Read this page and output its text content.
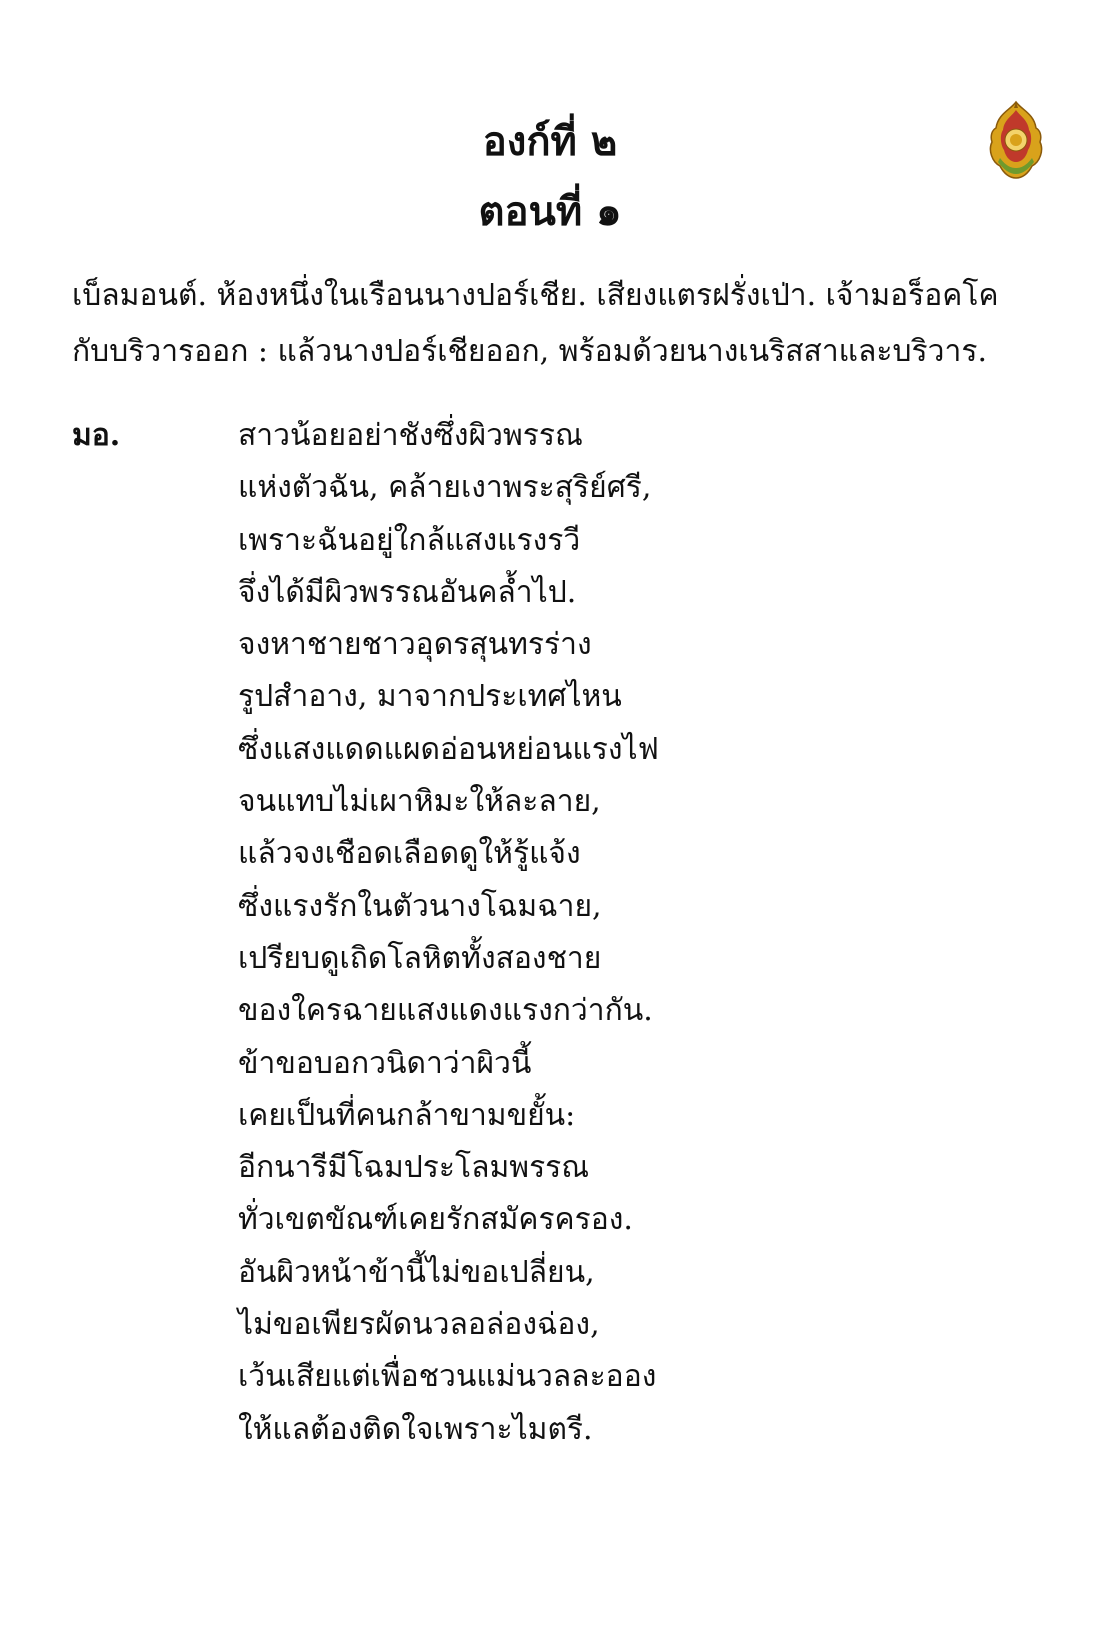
องก์ที่ ๒
ตอนที่ ๑
เบ็ลมอนต์. ห้องหนึ่งในเรือนนางปอร์เชีย. เสียงแตรฝรั่งเป่า. เจ้ามอร็อคโค
กับบริวารออก : แล้วนางปอร์เชียออก, พร้อมด้วยนางเนริสสาและบริวาร.
มอ.	สาวน้อยอย่าชังซึ่งผิวพรรณ
แห่งตัวฉัน, คล้ายเงาพระสุริย์ศรี,
เพราะฉันอยู่ใกล้แสงแรงรวี
จึ่งได้มีผิวพรรณอันคล้ำไป.
จงหาชายชาวอุดรสุนทรร่าง
รูปสำอาง, มาจากประเทศไหน
ซึ่งแสงแดดแผดอ่อนหย่อนแรงไฟ
จนแทบไม่เผาหิมะให้ละลาย,
แล้วจงเชือดเลือดดูให้รู้แจ้ง
ซึ่งแรงรักในตัวนางโฉมฉาย,
เปรียบดูเถิดโลหิตทั้งสองชาย
ของใครฉายแสงแดงแรงกว่ากัน.
ข้าขอบอกวนิดาว่าผิวนี้
เคยเป็นที่คนกล้าขามขยั้น:
อีกนารีมีโฉมประโลมพรรณ
ทั่วเขตขัณฑ์เคยรักสมัครครอง.
อันผิวหน้าข้านี้ไม่ขอเปลี่ยน,
ไม่ขอเพียรผัดนวลอล่องฉ่อง,
เว้นเสียแต่เพื่อชวนแม่นวลละออง
ให้แลต้องติดใจเพราะไมตรี.
